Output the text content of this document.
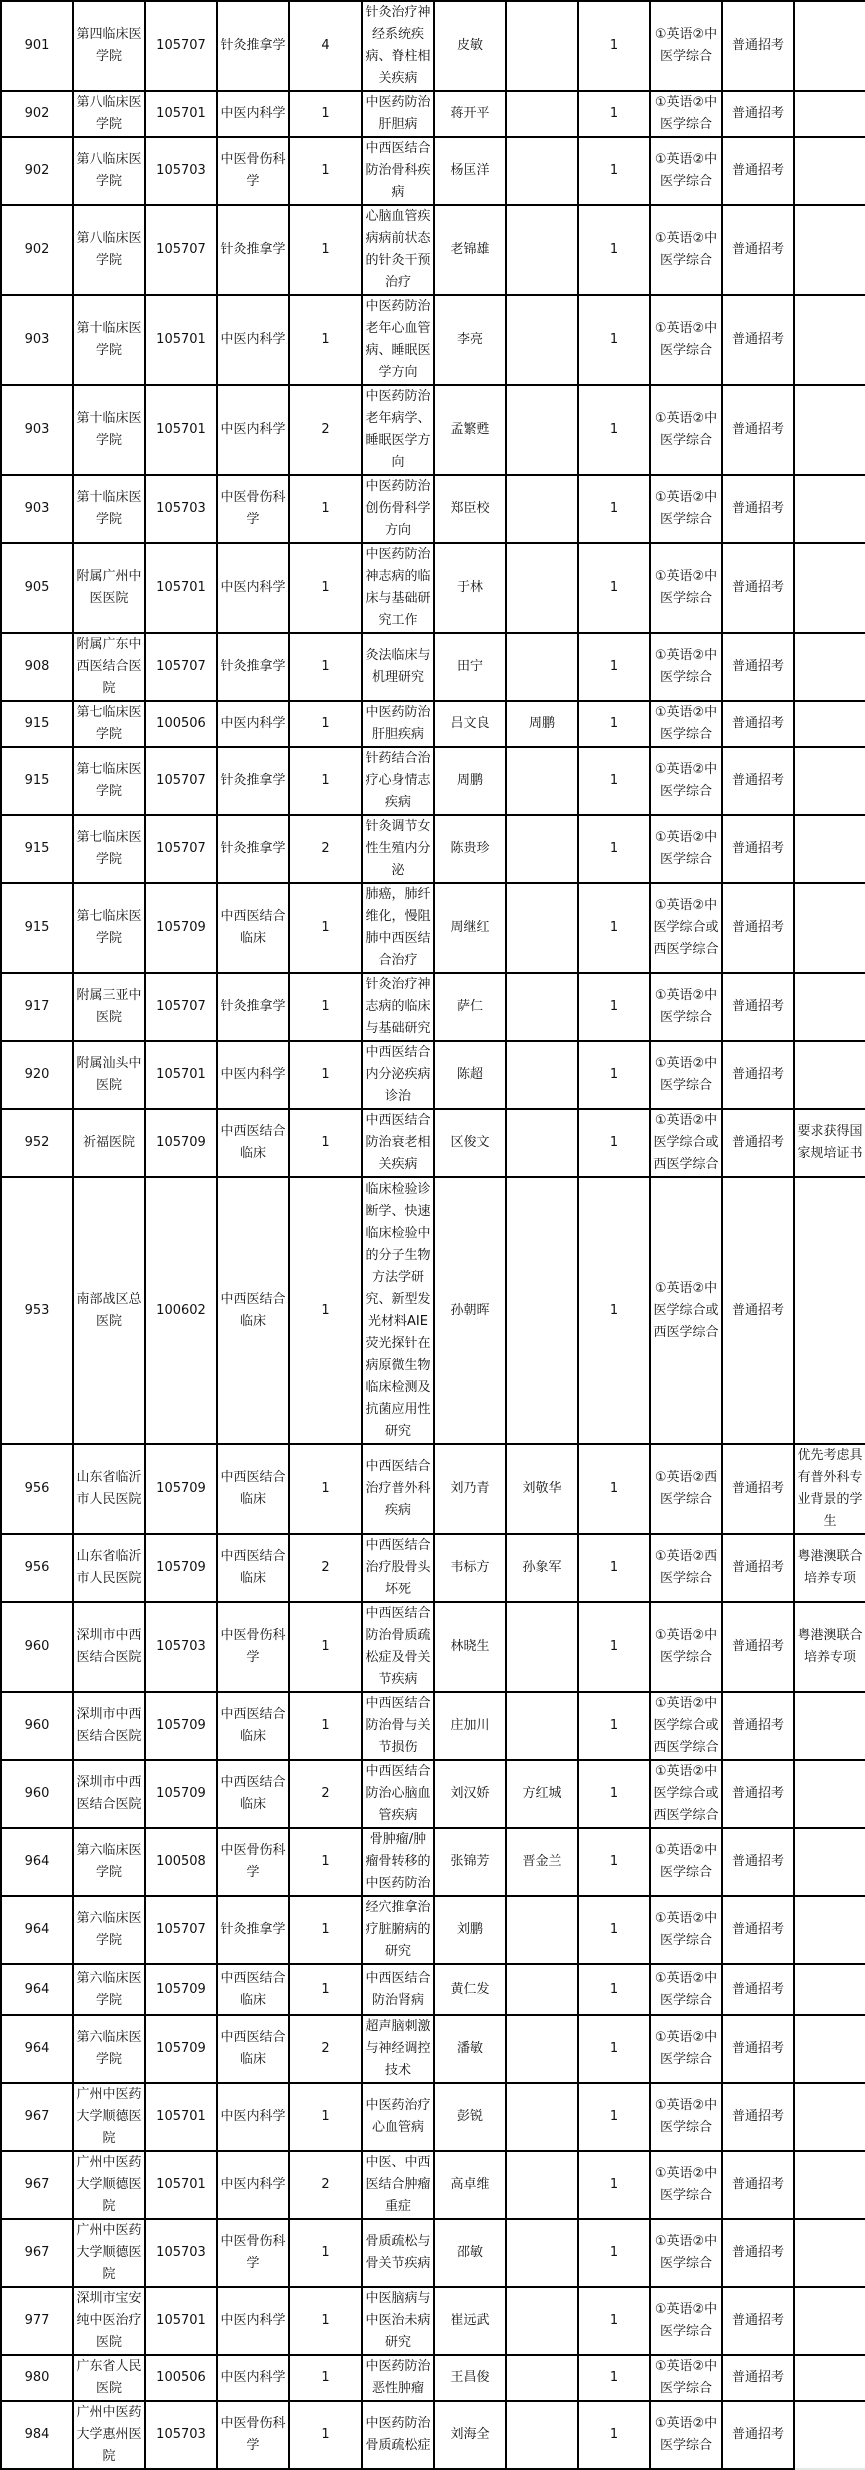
901	第四临床医学院	105707	针灸推拿学	4	针灸治疗神经系统疾病、脊柱相关疾病	皮敏		1	①英语②中医学综合	普通招考	
902	第八临床医学院	105701	中医内科学	1	中医药防治肝胆病	蒋开平		1	①英语②中医学综合	普通招考	
902	第八临床医学院	105703	中医骨伤科学	1	中西医结合防治骨科疾病	杨匡洋		1	①英语②中医学综合	普通招考	
902	第八临床医学院	105707	针灸推拿学	1	心脑血管疾病病前状态的针灸干预治疗	老锦雄		1	①英语②中医学综合	普通招考	
903	第十临床医学院	105701	中医内科学	1	中医药防治老年心血管病、睡眠医学方向	李亮		1	①英语②中医学综合	普通招考	
903	第十临床医学院	105701	中医内科学	2	中医药防治老年病学、睡眠医学方向	孟繁甦		1	①英语②中医学综合	普通招考	
903	第十临床医学院	105703	中医骨伤科学	1	中医药防治创伤骨科学方向	郑臣校		1	①英语②中医学综合	普通招考	
905	附属广州中医医院	105701	中医内科学	1	中医药防治神志病的临床与基础研究工作	于林		1	①英语②中医学综合	普通招考	
908	附属广东中西医结合医院	105707	针灸推拿学	1	灸法临床与机理研究	田宁		1	①英语②中医学综合	普通招考	
915	第七临床医学院	100506	中医内科学	1	中医药防治肝胆疾病	吕文良	周鹏	1	①英语②中医学综合	普通招考	
915	第七临床医学院	105707	针灸推拿学	1	针药结合治疗心身情志疾病	周鹏		1	①英语②中医学综合	普通招考	
915	第七临床医学院	105707	针灸推拿学	2	针灸调节女性生殖内分泌	陈贵珍		1	①英语②中医学综合	普通招考	
915	第七临床医学院	105709	中西医结合临床	1	肺癌，肺纤维化，慢阻肺中西医结合治疗	周继红		1	①英语②中医学综合或西医学综合	普通招考	
917	附属三亚中医院	105707	针灸推拿学	1	针灸治疗神志病的临床与基础研究	萨仁		1	①英语②中医学综合	普通招考	
920	附属汕头中医院	105701	中医内科学	1	中西医结合内分泌疾病诊治	陈超		1	①英语②中医学综合	普通招考	
952	祈福医院	105709	中西医结合临床	1	中西医结合防治衰老相关疾病	区俊文		1	①英语②中医学综合或西医学综合	普通招考	要求获得国家规培证书
953	南部战区总医院	100602	中西医结合临床	1	临床检验诊断学、快速临床检验中的分子生物方法学研究、新型发光材料AIE荧光探针在病原微生物临床检测及抗菌应用性研究	孙朝晖		1	①英语②中医学综合或西医学综合	普通招考	
956	山东省临沂市人民医院	105709	中西医结合临床	1	中西医结合治疗普外科疾病	刘乃青	刘敬华	1	①英语②西医学综合	普通招考	优先考虑具有普外科专业背景的学生
956	山东省临沂市人民医院	105709	中西医结合临床	2	中西医结合治疗股骨头坏死	韦标方	孙象军	1	①英语②西医学综合	普通招考	粤港澳联合培养专项
960	深圳市中西医结合医院	105703	中医骨伤科学	1	中西医结合防治骨质疏松症及骨关节疾病	林晓生		1	①英语②中医学综合	普通招考	粤港澳联合培养专项
960	深圳市中西医结合医院	105709	中西医结合临床	1	中西医结合防治骨与关节损伤	庄加川		1	①英语②中医学综合或西医学综合	普通招考	
960	深圳市中西医结合医院	105709	中西医结合临床	2	中西医结合防治心脑血管疾病	刘汉娇	方红城	1	①英语②中医学综合或西医学综合	普通招考	
964	第六临床医学院	100508	中医骨伤科学	1	骨肿瘤/肿瘤骨转移的中医药防治	张锦芳	晋金兰	1	①英语②中医学综合	普通招考	
964	第六临床医学院	105707	针灸推拿学	1	经穴推拿治疗脏腑病的研究	刘鹏		1	①英语②中医学综合	普通招考	
964	第六临床医学院	105709	中西医结合临床	1	中西医结合防治肾病	黄仁发		1	①英语②中医学综合	普通招考	
964	第六临床医学院	105709	中西医结合临床	2	超声脑刺激与神经调控技术	潘敏		1	①英语②中医学综合	普通招考	
967	广州中医药大学顺德医院	105701	中医内科学	1	中医药治疗心血管病	彭锐		1	①英语②中医学综合	普通招考	
967	广州中医药大学顺德医院	105701	中医内科学	2	中医、中西医结合肿瘤重症	高卓维		1	①英语②中医学综合	普通招考	
967	广州中医药大学顺德医院	105703	中医骨伤科学	1	骨质疏松与骨关节疾病	邵敏		1	①英语②中医学综合	普通招考	
977	深圳市宝安纯中医治疗医院	105701	中医内科学	1	中医脑病与中医治未病研究	崔远武		1	①英语②中医学综合	普通招考	
980	广东省人民医院	100506	中医内科学	1	中医药防治恶性肿瘤	王昌俊		1	①英语②中医学综合	普通招考	
984	广州中医药大学惠州医院	105703	中医骨伤科学	1	中医药防治骨质疏松症	刘海全		1	①英语②中医学综合	普通招考	
